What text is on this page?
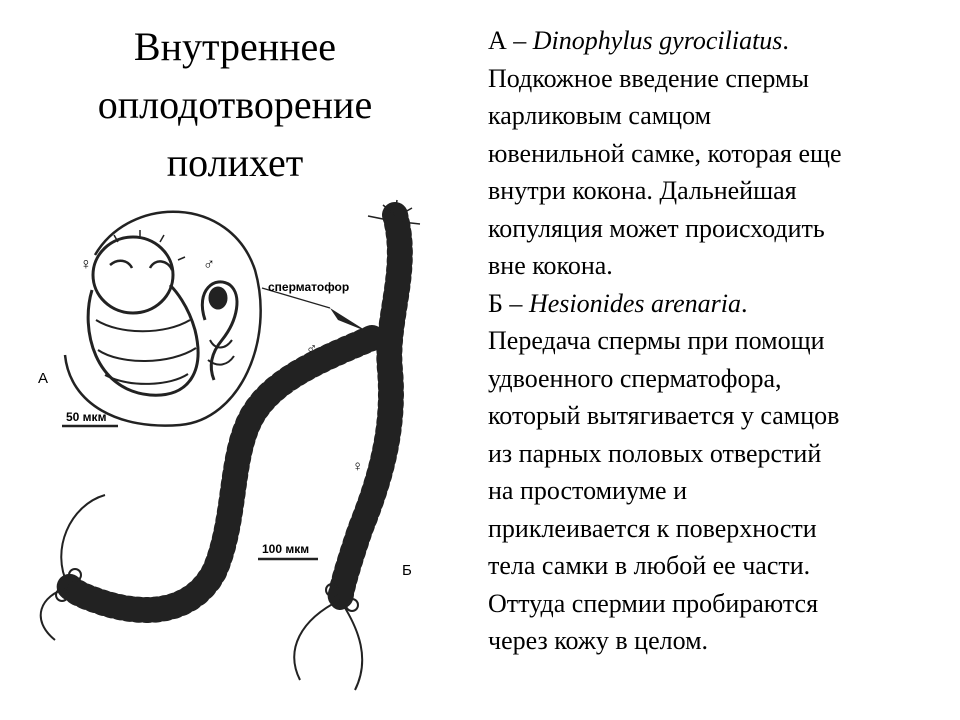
Внутреннее
оплодотворение
полихет
♀	♂
сперматофор
А
50 мкм
♀
♂
100 мкм
Б
А – Dinophylus gyrociliatus.
Подкожное введение спермы
карликовым самцом
ювенильной самке, которая еще
внутри кокона. Дальнейшая
копуляция может происходить
вне кокона.
Б – Hesionides arenaria.
Передача спермы при помощи
удвоенного сперматофора,
который вытягивается у самцов
из парных половых отверстий
на простомиуме и
приклеивается к поверхности
тела самки в любой ее части.
Оттуда спермии пробираются
через кожу в целом.
